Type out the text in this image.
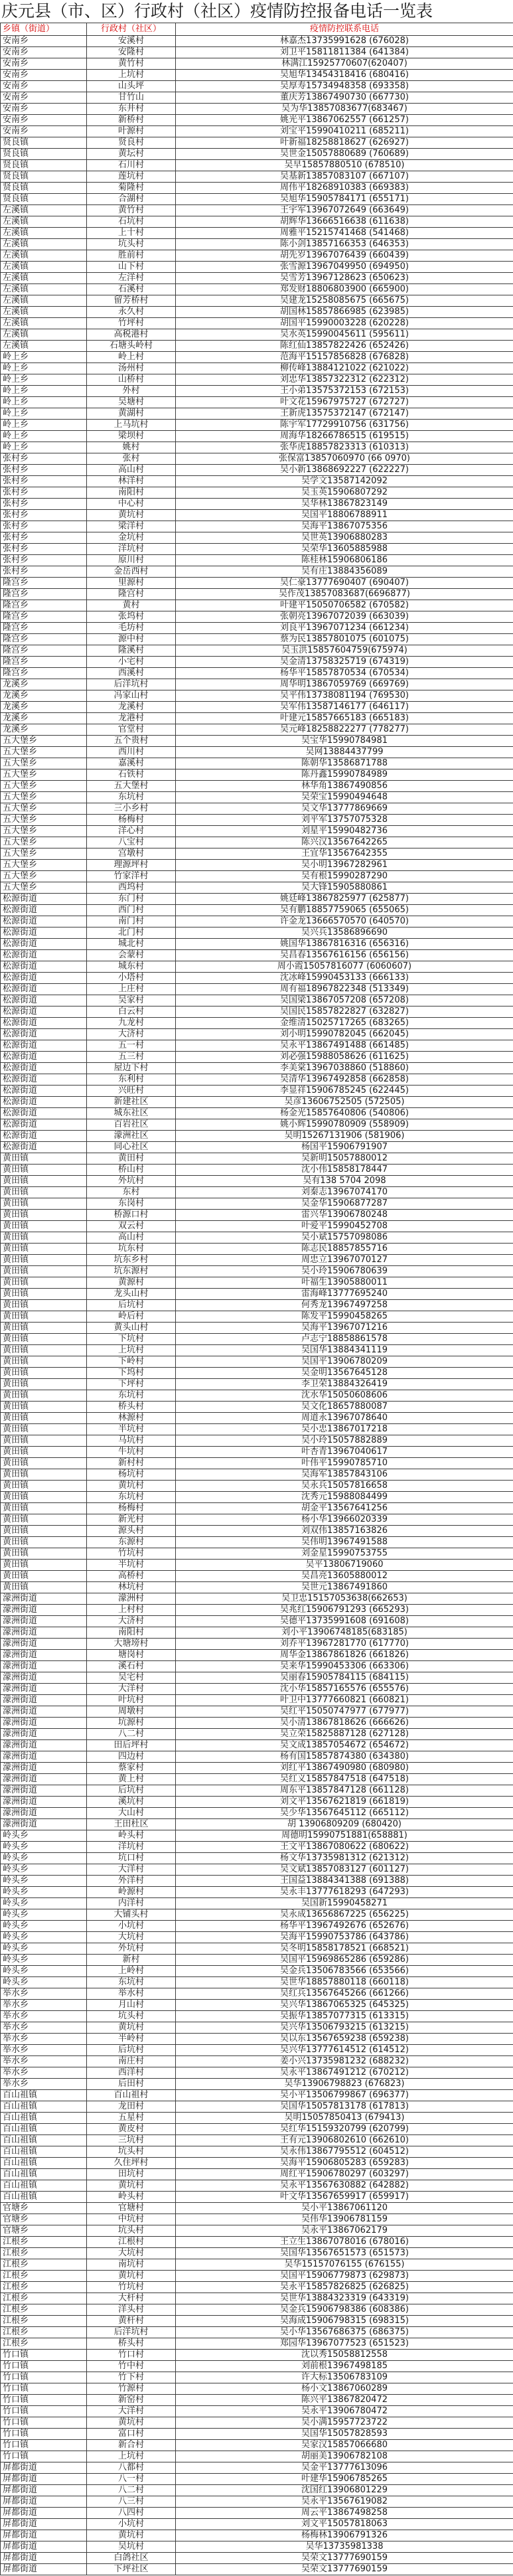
庆元县（市、区）行政村（社区）疫情防控报备电话一览表
乡镇（街道）	行政村（社区）	疫情防控联系电话
安南乡	安溪村	林嘉杰13735991628 (676028)
安南乡	安隆村	刘卫平15811811384 (641384)
安南乡	黄竹村	林满江15925770607(620407)
安南乡	上坑村	吴旭华13454318416 (680416)
安南乡	山头坪	吴厚寿15734948358 (693358)
安南乡	甘竹山	董庆芳13867490730 (667730)
安南乡	东井村	吴为华13857083677(683467)
安南乡	新桥村	姚光平13867062557 (661257)
安南乡	叶源村	刘宝平15990410211 (685211)
贤良镇	贤良村	叶新福18258818627 (626927)
贤良镇	黄坛村	吴世金15057880689 (760689)
贤良镇	石川村	吴早15857880510 (678510)
贤良镇	莲坑村	吴基新13857083107 (667107)
贤良镇	菊隆村	周伟平18268910383 (669383)
贤良镇	合湖村	吴旭华15905784171 (655171)
左溪镇	黄竹村	王宇军13967072649 (663649)
左溪镇	石坑村	胡辉华13666516638 (611638)
左溪镇	上十村	周雅平15215741468 (541468)
左溪镇	坑头村	陈小剑13857166353 (646353)
左溪镇	胜前村	胡先岁13967076439 (660439)
左溪镇	山下村	张雪源13967049950 (694950)
左溪镇	左洋村	吴雪芳13967128623 (650623)
左溪镇	石溪村	郑发财18806803900 (665900)
左溪镇	留芳桥村	吴建龙15258085675 (665675)
左溪镇	永久村	胡国林15857866985 (623985)
左溪镇	竹坪村	胡国平15990003228 (620228)
左溪镇	高税港村	吴水英15990045611 (595611)
左溪镇	石塘头岭村	陈红仙13857822426 (652426)
岭上乡	岭上村	范海平15157856828 (676828)
岭上乡	汤州村	柳传峰13884121022 (621022)
岭上乡	山桥村	刘忠华13857322312 (622312)
岭上乡	外村	王小弟13575372153 (672153)
岭上乡	吴塘村	叶文花15967975727 (672727)
岭上乡	黄湖村	王新虎13575372147 (672147)
岭上乡	上马坑村	陈宇军17729910756 (631756)
岭上乡	梁坝村	周海华18266786515 (619515)
岭上乡	姚村	张华虎18857823313 (610313)
张村乡	张村	张保富13857060970 (66 0970)
张村乡	高山村	吴小新13868692227 (622227)
张村乡	林洋村	吴学文13587142092
张村乡	南阳村	吴玉英15906807292
张村乡	中心村	吴华林13867823149
张村乡	黄坑村	吴国平18806788911
张村乡	梁洋村	吴海平13867075356
张村乡	金坑村	吴世英13906880283
张村乡	洋坑村	吴荣华13605885988
张村乡	原川村	陈桂林15906806186
张村乡	金岳西村	吴有庄13884356089
隆宫乡	里源村	吴仁豪13777690407 (690407)
隆宫乡	隆宫村	吴作茂13857083687(6696877)
隆宫乡	黄村	叶建平15050706582 (670582)
隆宫乡	张坞村	张朝亮13967072039 (663039)
隆宫乡	毛坊村	刘良平13967071234 (661234)
隆宫乡	源中村	蔡为民13857801075 (601075)
隆宫乡	隆溪村	吴玉洪15857604759(675974)
隆宫乡	小宅村	吴金清13758325719 (674319)
隆宫乡	西溪村	杨华平15857870534 (670534)
龙溪乡	后洋坑村	周华明13867059769 (669769)
龙溪乡	冯家山村	吴平伟13738081194 (769530)
龙溪乡	龙溪村	吴军伟13587146177 (646117)
龙溪乡	龙港村	叶建元15857665183 (665183)
龙溪乡	官堂村	吴元峰18258822277 (778277)
五大堡乡	五个贵村	吴宝华15990784981
五大堡乡	西川村	吴网13884437799
五大堡乡	嘉溪村	陈朝华13586871788
五大堡乡	石铁村	陈丹鑫15990784989
五大堡乡	五大堡村	林华角13867490856
五大堡乡	东坑村	吴荣宝15990494648
五大堡乡	三小乡村	吴文华13777869669
五大堡乡	杨梅村	刘平军13757075328
五大堡乡	洋心村	刘星平15990482736
五大堡乡	八宝村	陈兴汉13567642265
五大堡乡	宫墩村	王宜华13567642355
五大堡乡	理源坪村	吴小明13967282961
五大堡乡	竹家洋村	吴有根15990287290
五大堡乡	西坞村	吴大锋15905880861
松源街道	东门村	姚廷峰13867825977 (625877)
松源街道	西门村	吴有鹏18857759065 (655065)
松源街道	南门村	许金龙13666570570 (640570)
松源街道	北门村	吴兴兵13586896690
松源街道	城北村	姚国华13867816316 (656316)
松源街道	会蒙村	吴昌春13567616156 (656156)
松源街道	城东村	周小霞15057816077 (6060607)
松源街道	小塔村	沈冰峰15990453133 (666133)
松源街道	上庄村	周有福18967822348 (513349)
松源街道	吴家村	吴国梁13867057208 (657208)
松源街道	白云村	吴国民15857822827 (632827)
松源街道	九龙村	金维清15025717265 (683265)
松源街道	大济村	刘小明15990782045 (662045)
松源街道	五一村	吴永平13867491488 (661485)
松源街道	五三村	刘必强15988058626 (611625)
松源街道	屋边下村	李美棠13967038860 (518860)
松源街道	东利村	吴清华13967492858 (662858)
松源街道	兴旺村	李显祥15906785245 (622445)
松源街道	新建社区	吴彦13606752505 (572505)
松源街道	城东社区	杨金光15857640806 (540806)
松源街道	百岩社区	姚小辉15990780909 (558909)
松源街道	濛洲社区	吴明15267131906 (581906)
松源街道	同心社区	杨国平15906791907
黄田镇	黄田村	吴新明15057880012
黄田镇	桥山村	沈小伟15858178447
黄田镇	外坑村	吴有138 5704 2098
黄田镇	东村	刘秦志13967074170
黄田镇	东岗村	吴金华15906877287
黄田镇	桥源口村	雷兴华13906780248
黄田镇	双云村	叶爱平15990452708
黄田镇	高山村	吴小斌15757098086
黄田镇	坑东村	陈志民18857855716
黄田镇	坑东乡村	周忠立13967070127
黄田镇	坑东源村	吴小玲15906780639
黄田镇	黄源村	叶福生13905880011
黄田镇	龙头山村	雷海峰13777695240
黄田镇	后坑村	何秀龙13967497258
黄田镇	岭后村	陈发平15990458265
黄田镇	黄头山村	吴海平13967071216
黄田镇	下坑村	卢志宁18858861578
黄田镇	上坑村	吴国华13884341119
黄田镇	下岭村	吴国平13906780209
黄田镇	下坞村	吴金明13567645128
黄田镇	下坪村	李卫荣13884326419
黄田镇	东坑村	沈水华15050608606
黄田镇	桥头村	吴文化18657880087
黄田镇	林源村	周道永13967078640
黄田镇	半坑村	吴小忠13867017218
黄田镇	马坑村	吴小玲15057882889
黄田镇	牛坑村	叶杏青13967040617
黄田镇	新村村	叶伟平15990785710
黄田镇	杨坑村	吴海军13857843106
黄田镇	黄坑村	吴永兵15057816658
黄田镇	东坑村	沈秀元15988084499
黄田镇	杨梅村	胡金平13567641256
黄田镇	新光村	杨小华13966020339
黄田镇	源头村	刘双伟13857163826
黄田镇	东源村	吴伟明13967491588
黄田镇	竹坑村	刘金星15990753755
黄田镇	半坑村	吴平13806719060
黄田镇	高桥村	吴昌亮13605880012
黄田镇	林坑村	吴世元13867491860
濛洲街道	濛洲村	吴卫忠15157053638(662653)
濛洲街道	上村村	吴兆红15906791293 (665293)
濛洲街道	大济村	吴德平13735991608 (691608)
濛洲街道	南阳村	刘小平13906748185(683185)
濛洲街道	大塘塝村	刘乔平13967281770 (617770)
濛洲街道	塘岗村	周华金13867861826 (661826)
濛洲街道	溪石村	吴来华15990453306 (663306)
濛洲街道	吴宅村	吴丽春15905784115 (684115)
濛洲街道	大洋村	沈小华15857165576 (655576)
濛洲街道	叶坑村	叶卫中13777660821 (660821)
濛洲街道	周墩村	吴红平15050747977 (677977)
濛洲街道	坑源村	吴小清13867818626 (666626)
濛洲街道	八二村	吴立荣15825887128 (627128)
濛洲街道	田后坪村	吴文成13857054672 (654672)
濛洲街道	四边村	杨有国15857874380 (634380)
濛洲街道	蔡家村	刘红平13867490980 (680980)
濛洲街道	黄上村	吴红义15857847518 (647518)
濛洲街道	后坑村	周东平13857847128 (661128)
濛洲街道	溪坑村	刘文平13567621819 (661819)
濛洲街道	大山村	吴少华13567645112 (665112)
濛洲街道	王田杜区	胡 13906809209 (680420)
岭头乡	岭头村	周德明15990751881(658881)
岭头乡	洋坑村	王文平13867080622 (680622)
岭头乡	坑口村	杨文华13735981312 (621312)
岭头乡	大洋村	吴文斌13857083127 (601127)
岭头乡	外洋村	王国益13884341388 (691388)
岭头乡	岭源村	吴永丰13777618293 (647293)
岭头乡	内洋村	吴国新15990458271
岭头乡	大铺头村	吴永成13656867225 (656225)
岭头乡	小坑村	杨华平13967492676 (652676)
岭头乡	大坑村	吴海平15990753786 (643786)
岭头乡	外坑村	吴冬明15858178521 (668521)
岭头乡	新村	吴国平15969865286 (659286)
岭头乡	上岭村	吴金兵13506783566 (653566)
岭头乡	东坑村	吴世华18857880118 (660118)
举水乡	举水村	吴红兵13567645266 (661266)
举水乡	月山村	吴兴华13867065325 (645325)
举水乡	坑头村	吴振华13857077315 (613315)
举水乡	黄坑村	吴兴华13506793215 (613215)
举水乡	半岭村	吴以东13567659238 (659238)
举水乡	后坑村	吴兴华13777614512 (614512)
举水乡	南庄村	姜小兴13735981232 (688232)
举水乡	西洋村	吴永平13867491212 (670212)
举水乡	后田村	吴华13906798823 (676823)
百山祖镇	百山祖村	吴小平13506799867 (696377)
百山祖镇	龙田村	吴国华15057813178 (617813)
百山祖镇	五星村	吴明15057850413 (679413)
百山祖镇	黄皮村	吴红华15159320799 (620799)
百山祖镇	三坑村	王有元13906802610 (662610)
百山祖镇	坑头村	吴永伟13867795512 (604512)
百山祖镇	久住坪村	吴海平15906805283 (659283)
百山祖镇	田坑村	周红平15906780297 (603297)
百山祖镇	黄坑村	吴永平13567630882 (642882)
百山祖镇	岭头村	叶文华13567659917 (659917)
官塘乡	官塘村	吴小平13867061120
官塘乡	中坑村	吴伟华13906781159
官塘乡	坑头村	吴永平13867062179
江根乡	江根村	王立生13867078016 (678016)
江根乡	大坑村	吴国华13567651573 (651573)
江根乡	南坑村	吴华15157076155 (676155)
江根乡	黄坑村	吴国平15906779873 (629873)
江根乡	竹坑村	吴永平15857826825 (626825)
江根乡	大杆村	吴世华13884323319 (643319)
江根乡	洋头村	吴金兵15906798386 (608386)
江根乡	黄杆村	吴海成15906798315 (698315)
江根乡	后洋坑村	吴小华13567686375 (686375)
江根乡	桥头村	郑园华13967077523 (651523)
竹口镇	竹口村	沈以秀15058812558
竹口镇	竹中村	刘前根13967498185
竹口镇	竹下村	许大标13506783109
竹口镇	竹源村	杨小文13867060289
竹口镇	新窑村	陈兴平13867820472
竹口镇	大洋村	吴永平13906780472
竹口镇	黄坑村	吴小满15957723722
竹口镇	富口村	吴国华15057828593
竹口镇	新合村	吴家汉15857066680
竹口镇	上坑村	胡丽美13906782108
屏都街道	八都村	吴金平13777613096
屏都街道	八一村	叶建华15906785265
屏都街道	八二村	沈国红13906801229
屏都街道	八三村	吴永平13567619082
屏都街道	八四村	周云平13867498258
屏都街道	小坑村	刘文平15057818063
屏都街道	黄坑村	杨梅林13906791326
屏都街道	吴坑村	吴华13735981338
屏都街道	白鸽社区	吴荣文13777690159
屏都街道	下坪社区	吴荣文13777690159
